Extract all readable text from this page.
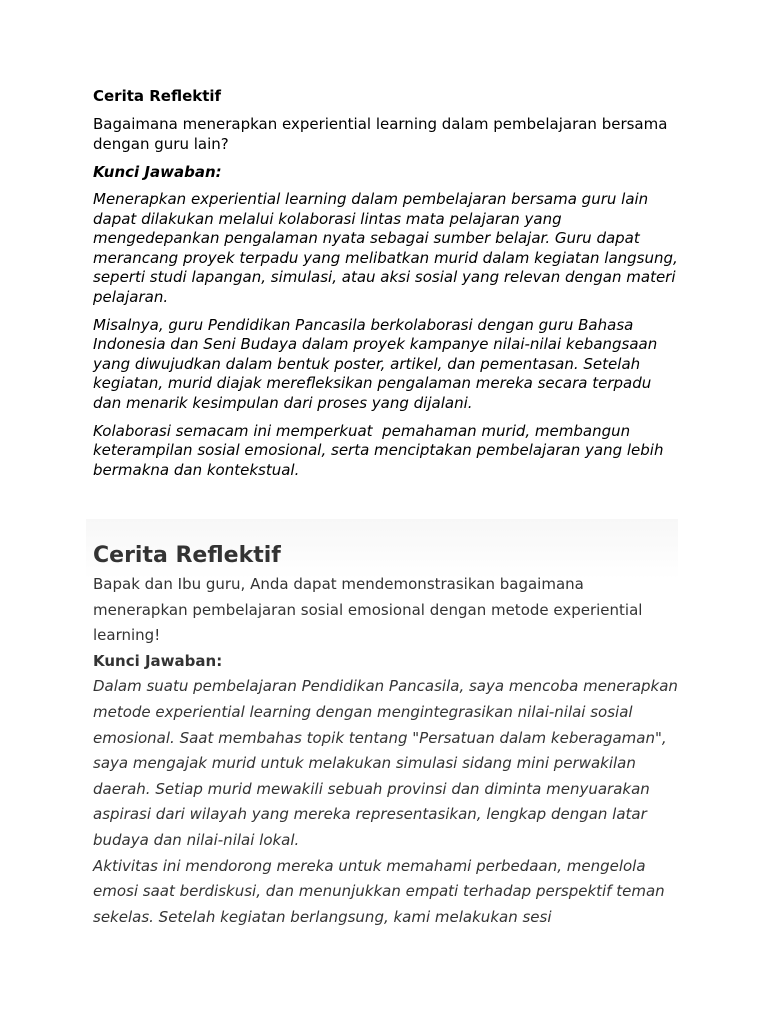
Cerita Reflektif

Bagaimana menerapkan experiential learning dalam pembelajaran bersama dengan guru lain?

Kunci Jawaban:

Menerapkan experiential learning dalam pembelajaran bersama guru lain dapat dilakukan melalui kolaborasi lintas mata pelajaran yang mengedepankan pengalaman nyata sebagai sumber belajar. Guru dapat merancang proyek terpadu yang melibatkan murid dalam kegiatan langsung, seperti studi lapangan, simulasi, atau aksi sosial yang relevan dengan materi pelajaran.

Misalnya, guru Pendidikan Pancasila berkolaborasi dengan guru Bahasa Indonesia dan Seni Budaya dalam proyek kampanye nilai-nilai kebangsaan yang diwujudkan dalam bentuk poster, artikel, dan pementasan. Setelah kegiatan, murid diajak merefleksikan pengalaman mereka secara terpadu dan menarik kesimpulan dari proses yang dijalani.

Kolaborasi semacam ini memperkuat  pemahaman murid, membangun keterampilan sosial emosional, serta menciptakan pembelajaran yang lebih bermakna dan kontekstual.

Cerita Reflektif

Bapak dan Ibu guru, Anda dapat mendemonstrasikan bagaimana menerapkan pembelajaran sosial emosional dengan metode experiential learning!

Kunci Jawaban:

Dalam suatu pembelajaran Pendidikan Pancasila, saya mencoba menerapkan metode experiential learning dengan mengintegrasikan nilai-nilai sosial emosional. Saat membahas topik tentang "Persatuan dalam keberagaman", saya mengajak murid untuk melakukan simulasi sidang mini perwakilan daerah. Setiap murid mewakili sebuah provinsi dan diminta menyuarakan aspirasi dari wilayah yang mereka representasikan, lengkap dengan latar budaya dan nilai-nilai lokal.

Aktivitas ini mendorong mereka untuk memahami perbedaan, mengelola emosi saat berdiskusi, dan menunjukkan empati terhadap perspektif teman sekelas. Setelah kegiatan berlangsung, kami melakukan sesi
